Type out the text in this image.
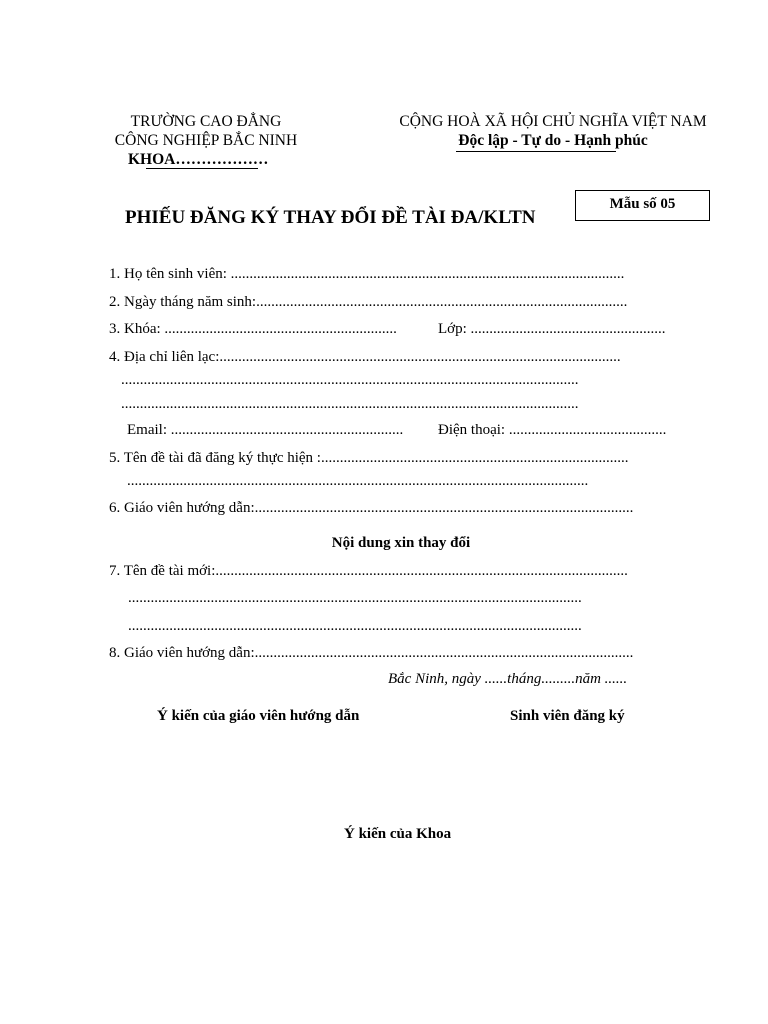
TRƯỜNG CAO ĐẲNG
CÔNG NGHIỆP BẮC NINH
KHOA………………
CỘNG HOÀ XÃ HỘI CHỦ NGHĨA VIỆT NAM
Độc lập - Tự do - Hạnh phúc
Mẫu số 05
PHIẾU ĐĂNG KÝ THAY ĐỔI ĐỀ TÀI ĐA/KLTN
1. Họ tên sinh viên: .........................................................................................................
2. Ngày tháng năm sinh:...................................................................................................
3. Khóa: ..............................................................	Lớp: ....................................................
4. Địa chỉ liên lạc:...........................................................................................................
..........................................................................................................................
..........................................................................................................................
Email: .............................................................. Điện thoại: ..........................................
5. Tên đề tài đã đăng ký thực hiện :..................................................................................
...........................................................................................................................
6. Giáo viên hướng dẫn:.....................................................................................................
Nội dung xin thay đổi
7. Tên đề tài mới:..............................................................................................................
.........................................................................................................................
.........................................................................................................................
8. Giáo viên hướng dẫn:.....................................................................................................
Bắc Ninh, ngày ......tháng.........năm ......
Ý kiến của giáo viên hướng dẫn	Sinh viên đăng ký
Ý kiến của Khoa
